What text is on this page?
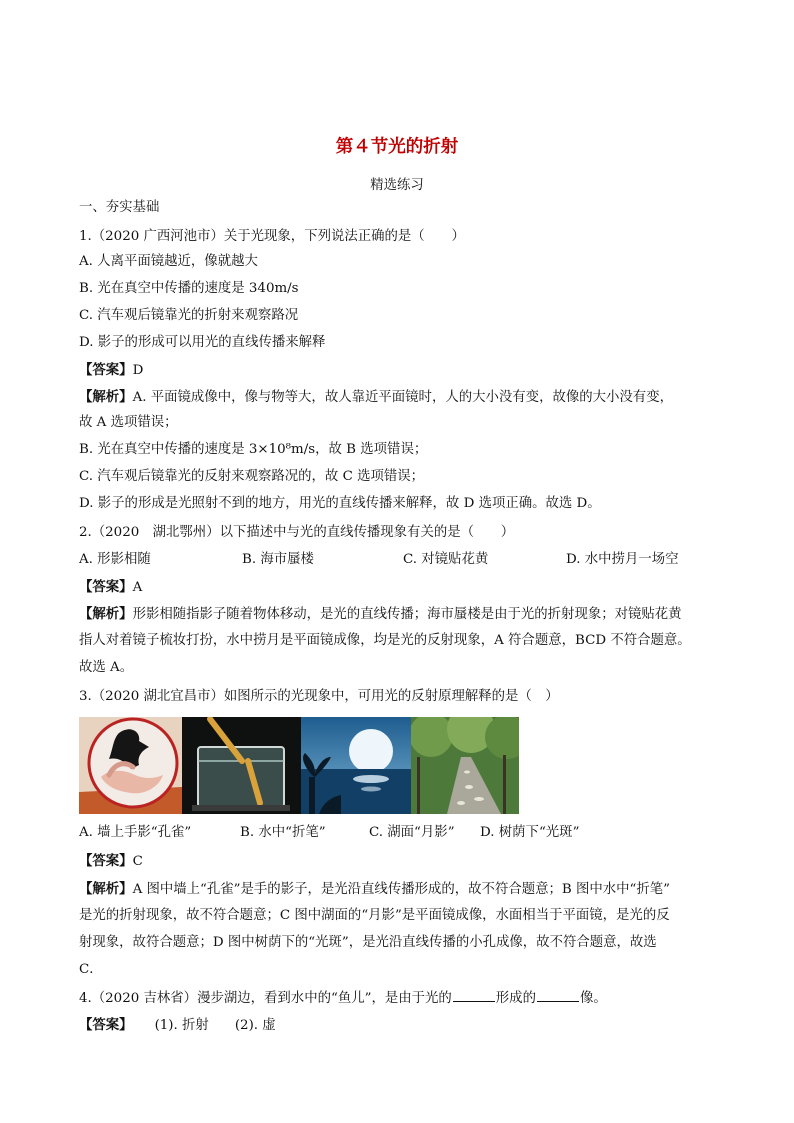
第４节光的折射
精选练习
一、夯实基础
1.（2020 广西河池市）关于光现象，下列说法正确的是（　　）
A. 人离平面镜越近，像就越大
B. 光在真空中传播的速度是 340m/s
C. 汽车观后镜靠光的折射来观察路况
D. 影子的形成可以用光的直线传播来解释
【答案】D
【解析】A. 平面镜成像中，像与物等大，故人靠近平面镜时，人的大小没有变，故像的大小没有变，
故 A 选项错误；
B. 光在真空中传播的速度是 3×10⁸m/s，故 B 选项错误；
C. 汽车观后镜靠光的反射来观察路况的，故 C 选项错误；
D. 影子的形成是光照射不到的地方，用光的直线传播来解释，故 D 选项正确。故选 D。
2.（2020　湖北鄂州）以下描述中与光的直线传播现象有关的是（　　）
A. 形影相随	B. 海市蜃楼	C. 对镜贴花黄	D. 水中捞月一场空
【答案】A
【解析】形影相随指影子随着物体移动，是光的直线传播；海市蜃楼是由于光的折射现象；对镜贴花黄
指人对着镜子梳妆打扮，水中捞月是平面镜成像，均是光的反射现象，A 符合题意，BCD 不符合题意。
故选 A。
3.（2020 湖北宜昌市）如图所示的光现象中，可用光的反射原理解释的是（　）
A. 墙上手影“孔雀”	B. 水中“折笔”	C. 湖面“月影” D. 树荫下“光斑”
【答案】C
【解析】A 图中墙上“孔雀”是手的影子，是光沿直线传播形成的，故不符合题意；B 图中水中“折笔”
是光的折射现象，故不符合题意；C 图中湖面的“月影”是平面镜成像，水面相当于平面镜，是光的反
射现象，故符合题意；D 图中树荫下的“光斑”，是光沿直线传播的小孔成像，故不符合题意，故选
C．
4.（2020 吉林省）漫步湖边，看到水中的“鱼儿”，是由于光的	形成的	像。
【答案】 (1). 折射 (2). 虚
